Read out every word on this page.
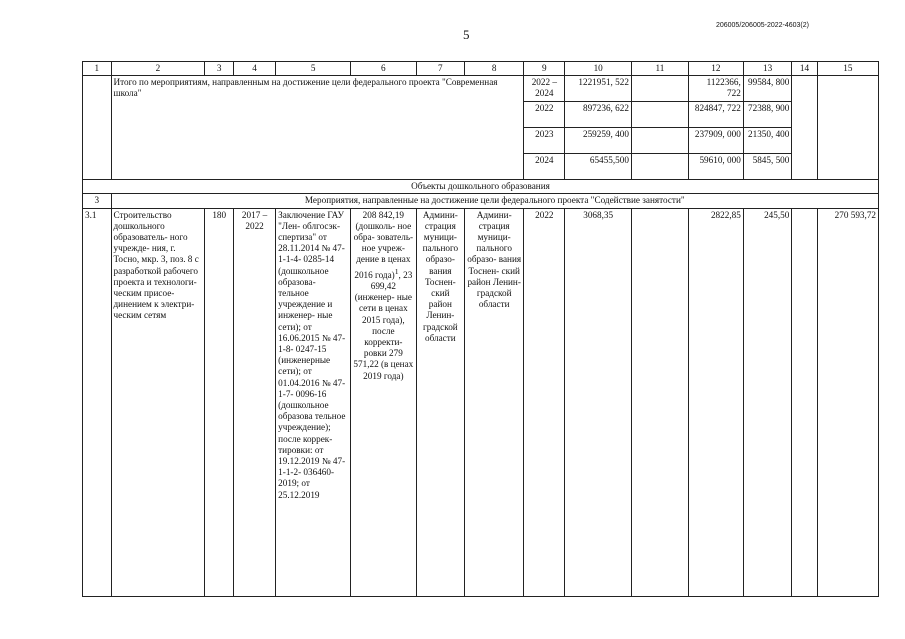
5
206005/206005-2022-4603(2)
1	2	3	4	5	6	7	8	9	10	11	12	13	14	15
	Итого по мероприятиям, направленным на достижение цели федерального проекта "Современная школа"							2022 – 2024	1221951, 522		1122366, 722	99584, 800		
								2022	897236, 622		824847, 722	72388, 900		
								2023	259259, 400		237909, 000	21350, 400		
								2024	65455,500		59610, 000	5845, 500		
Объекты дошкольного образования														
3	Мероприятия, направленные на достижение цели федерального проекта "Содействие занятости"													
3.1	Строительство дошкольного образователь- ного учрежде- ния, г. Тосно, мкр. 3, поз. 8 с разработкой рабочего проекта и технологи- ческим присое- динением к электри- ческим сетям	180	2017 – 2022	Заключение ГАУ "Лен- облгосэк- спертиза" от 28.11.2014 № 47-1-1-4- 0285-14 (дошкольное образова- тельное учреждение и инженер- ные сети); от 16.06.2015 № 47-1-8- 0247-15 (инженерные сети); от 01.04.2016 № 47-1-7- 0096-16 (дошкольное образова тельное учреждение); после коррек- тировки: от 19.12.2019 № 47-1-1-2- 036460-2019; от 25.12.2019	208 842,19 (дошколь- ное обра- зователь- ное учреж- дение в ценах 2016 года)$^1$, 23 699,42 (инженер- ные сети в ценах 2015 года), после корректи- ровки 279 571,22 (в ценах 2019 года)	Админи- страция муници- пального образо- вания Тоснен- ский район Ленин- градской области	Админи- страция муници- пального образо- вания Тоснен- ский район Ленин- градской области	2022	3068,35		2822,85	245,50		270 593,72
